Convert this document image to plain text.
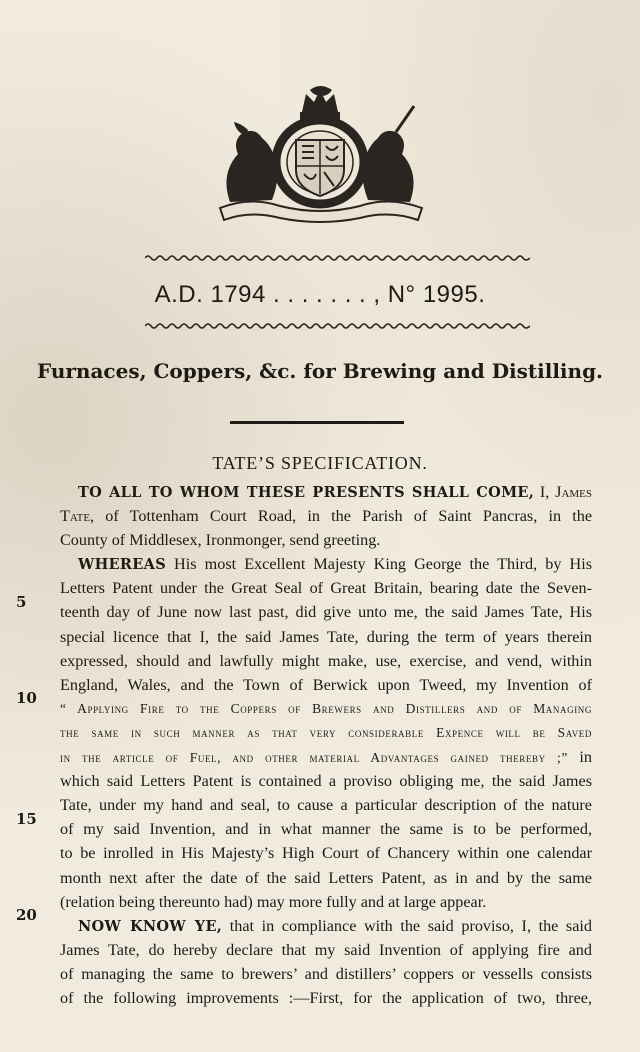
A.D. 1794 . . . . . . . , N° 1995.
Furnaces, Coppers, &c. for Brewing and Distilling.
TATE’S SPECIFICATION.
5
10
15
20
TO ALL TO WHOM THESE PRESENTS SHALL COME, I, James
Tate, of Tottenham Court Road, in the Parish of Saint Pancras, in the
County of Middlesex, Ironmonger, send greeting.
WHEREAS His most Excellent Majesty King George the Third, by His
Letters Patent under the Great Seal of Great Britain, bearing date the Seven-
teenth day of June now last past, did give unto me, the said James Tate, His
special licence that I, the said James Tate, during the term of years therein
expressed, should and lawfully might make, use, exercise, and vend, within
England, Wales, and the Town of Berwick upon Tweed, my Invention of
“ Applying Fire to the Coppers of Brewers and Distillers and of Managing
the same in such manner as that very considerable Expence will be Saved
in the article of Fuel, and other material Advantages gained thereby ;” in
which said Letters Patent is contained a proviso obliging me, the said James
Tate, under my hand and seal, to cause a particular description of the nature
of my said Invention, and in what manner the same is to be performed,
to be inrolled in His Majesty’s High Court of Chancery within one calendar
month next after the date of the said Letters Patent, as in and by the same
(relation being thereunto had) may more fully and at large appear.
NOW KNOW YE, that in compliance with the said proviso, I, the said
James Tate, do hereby declare that my said Invention of applying fire and
of managing the same to brewers’ and distillers’ coppers or vessells consists
of the following improvements :—First, for the application of two, three,
